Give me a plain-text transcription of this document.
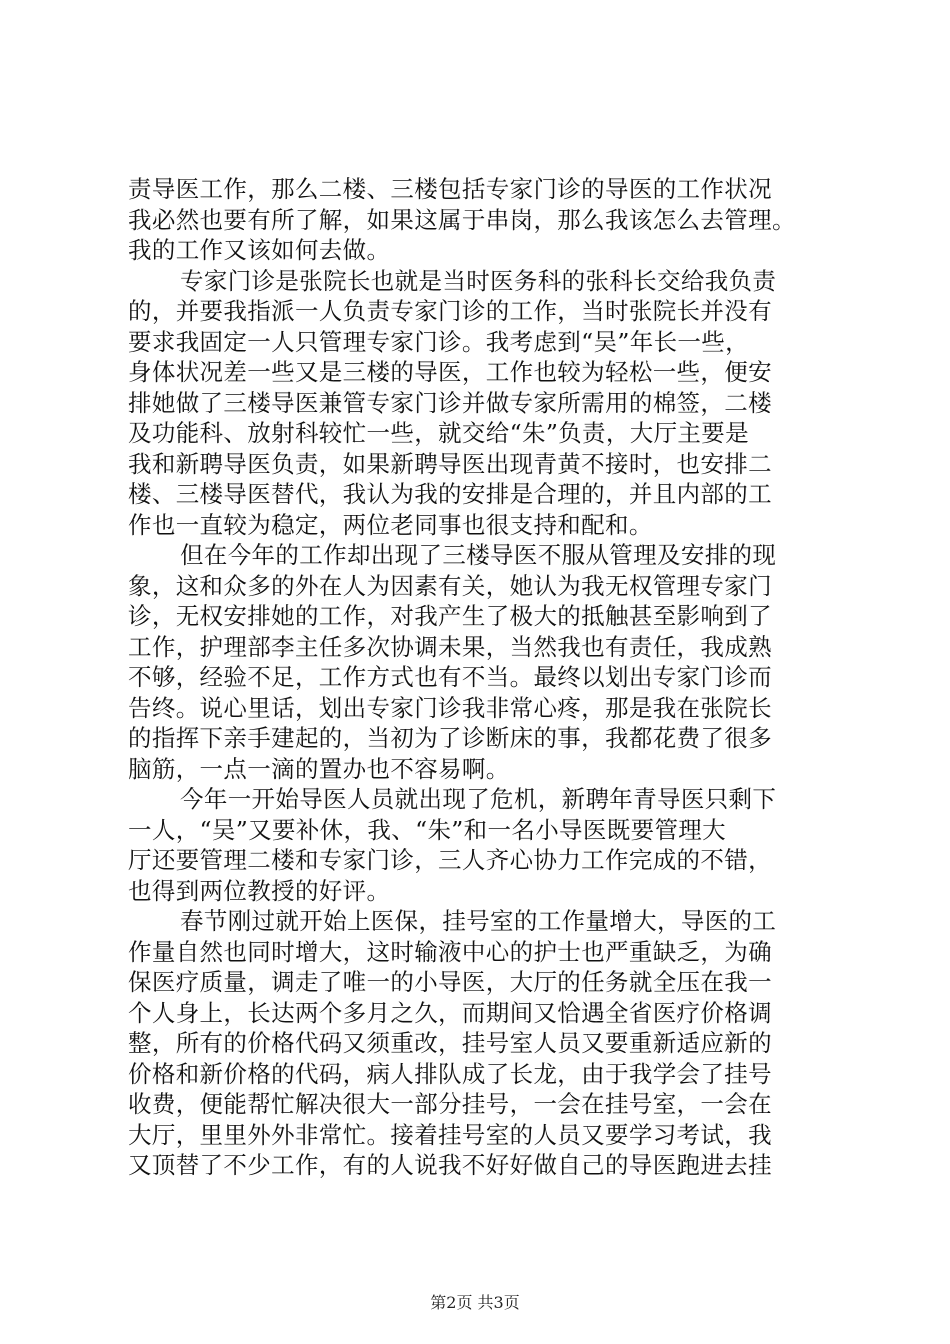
责导医工作，那么二楼、三楼包括专家门诊的导医的工作状况
我必然也要有所了解，如果这属于串岗，那么我该怎么去管理。
我的工作又该如何去做。
专家门诊是张院长也就是当时医务科的张科长交给我负责
的，并要我指派一人负责专家门诊的工作，当时张院长并没有
要求我固定一人只管理专家门诊。我考虑到“吴”年长一些，
身体状况差一些又是三楼的导医，工作也较为轻松一些，便安
排她做了三楼导医兼管专家门诊并做专家所需用的棉签，二楼
及功能科、放射科较忙一些，就交给“朱”负责，大厅主要是
我和新聘导医负责，如果新聘导医出现青黄不接时，也安排二
楼、三楼导医替代，我认为我的安排是合理的，并且内部的工
作也一直较为稳定，两位老同事也很支持和配和。
但在今年的工作却出现了三楼导医不服从管理及安排的现
象，这和众多的外在人为因素有关，她认为我无权管理专家门
诊，无权安排她的工作，对我产生了极大的抵触甚至影响到了
工作，护理部李主任多次协调未果，当然我也有责任，我成熟
不够，经验不足，工作方式也有不当。最终以划出专家门诊而
告终。说心里话，划出专家门诊我非常心疼，那是我在张院长
的指挥下亲手建起的，当初为了诊断床的事，我都花费了很多
脑筋，一点一滴的置办也不容易啊。
今年一开始导医人员就出现了危机，新聘年青导医只剩下
一人，“吴”又要补休，我、“朱”和一名小导医既要管理大
厅还要管理二楼和专家门诊，三人齐心协力工作完成的不错，
也得到两位教授的好评。
春节刚过就开始上医保，挂号室的工作量增大，导医的工
作量自然也同时增大，这时输液中心的护士也严重缺乏，为确
保医疗质量，调走了唯一的小导医，大厅的任务就全压在我一
个人身上，长达两个多月之久，而期间又恰遇全省医疗价格调
整，所有的价格代码又须重改，挂号室人员又要重新适应新的
价格和新价格的代码，病人排队成了长龙，由于我学会了挂号
收费，便能帮忙解决很大一部分挂号，一会在挂号室，一会在
大厅，里里外外非常忙。接着挂号室的人员又要学习考试，我
又顶替了不少工作，有的人说我不好好做自己的导医跑进去挂
第2页 共3页
